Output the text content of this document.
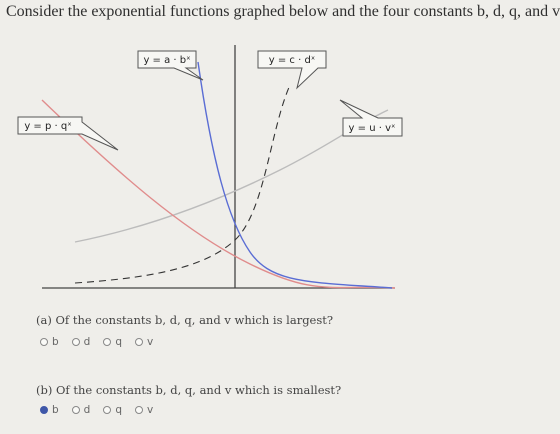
Consider the exponential functions graphed below and the four constants b, d, q, and v
y = a · bˣ	y = c · dˣ
y = p · qˣ	y = u · vˣ
(a) Of the constants b, d, q, and v which is largest?
b d q v
(b) Of the constants b, d, q, and v which is smallest?
b d q v
